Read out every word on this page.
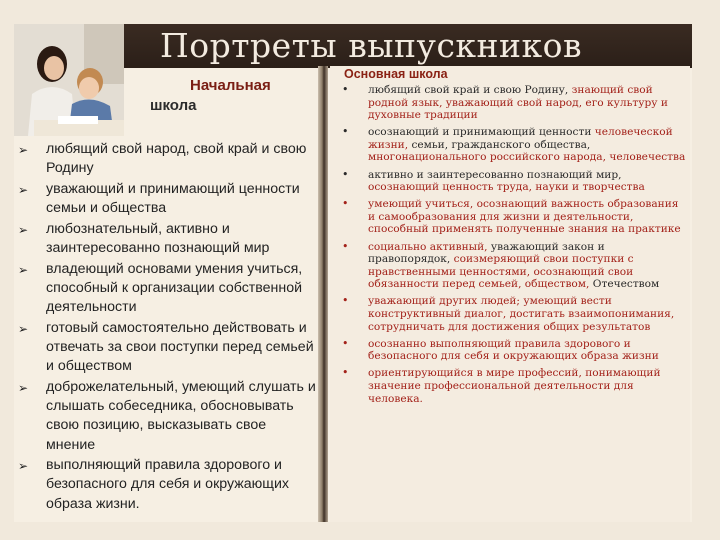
Портреты выпускников
Начальная
школа
➢ любящий свой народ, свой край и свою Родину
➢ уважающий и принимающий ценности семьи и общества
➢ любознательный, активно и заинтересованно познающий мир
➢ владеющий основами умения учиться, способный к организации собственной деятельности
➢ готовый самостоятельно действовать и отвечать за свои поступки перед семьей и обществом
➢ доброжелательный, умеющий слушать и слышать собеседника, обосновывать свою позицию, высказывать свое мнение
➢ выполняющий правила здорового и безопасного для себя и окружающих образа жизни.
Основная школа
• любящий свой край и свою Родину, знающий свой родной язык, уважающий свой народ, его культуру и духовные традиции
• осознающий и принимающий ценности человеческой жизни, семьи, гражданского общества, многонационального российского народа, человечества
• активно и заинтересованно познающий мир, осознающий ценность труда, науки и творчества
• умеющий учиться, осознающий важность образования и самообразования для жизни и деятельности, способный применять полученные знания на практике
• социально активный, уважающий закон и правопорядок, соизмеряющий свои поступки с нравственными ценностями, осознающий свои обязанности перед семьей, обществом, Отечеством
• уважающий других людей; умеющий вести конструктивный диалог, достигать взаимопонимания, сотрудничать для достижения общих результатов
• осознанно выполняющий правила здорового и безопасного для себя и окружающих образа жизни
• ориентирующийся в мире профессий, понимающий значение профессиональной деятельности для человека.
